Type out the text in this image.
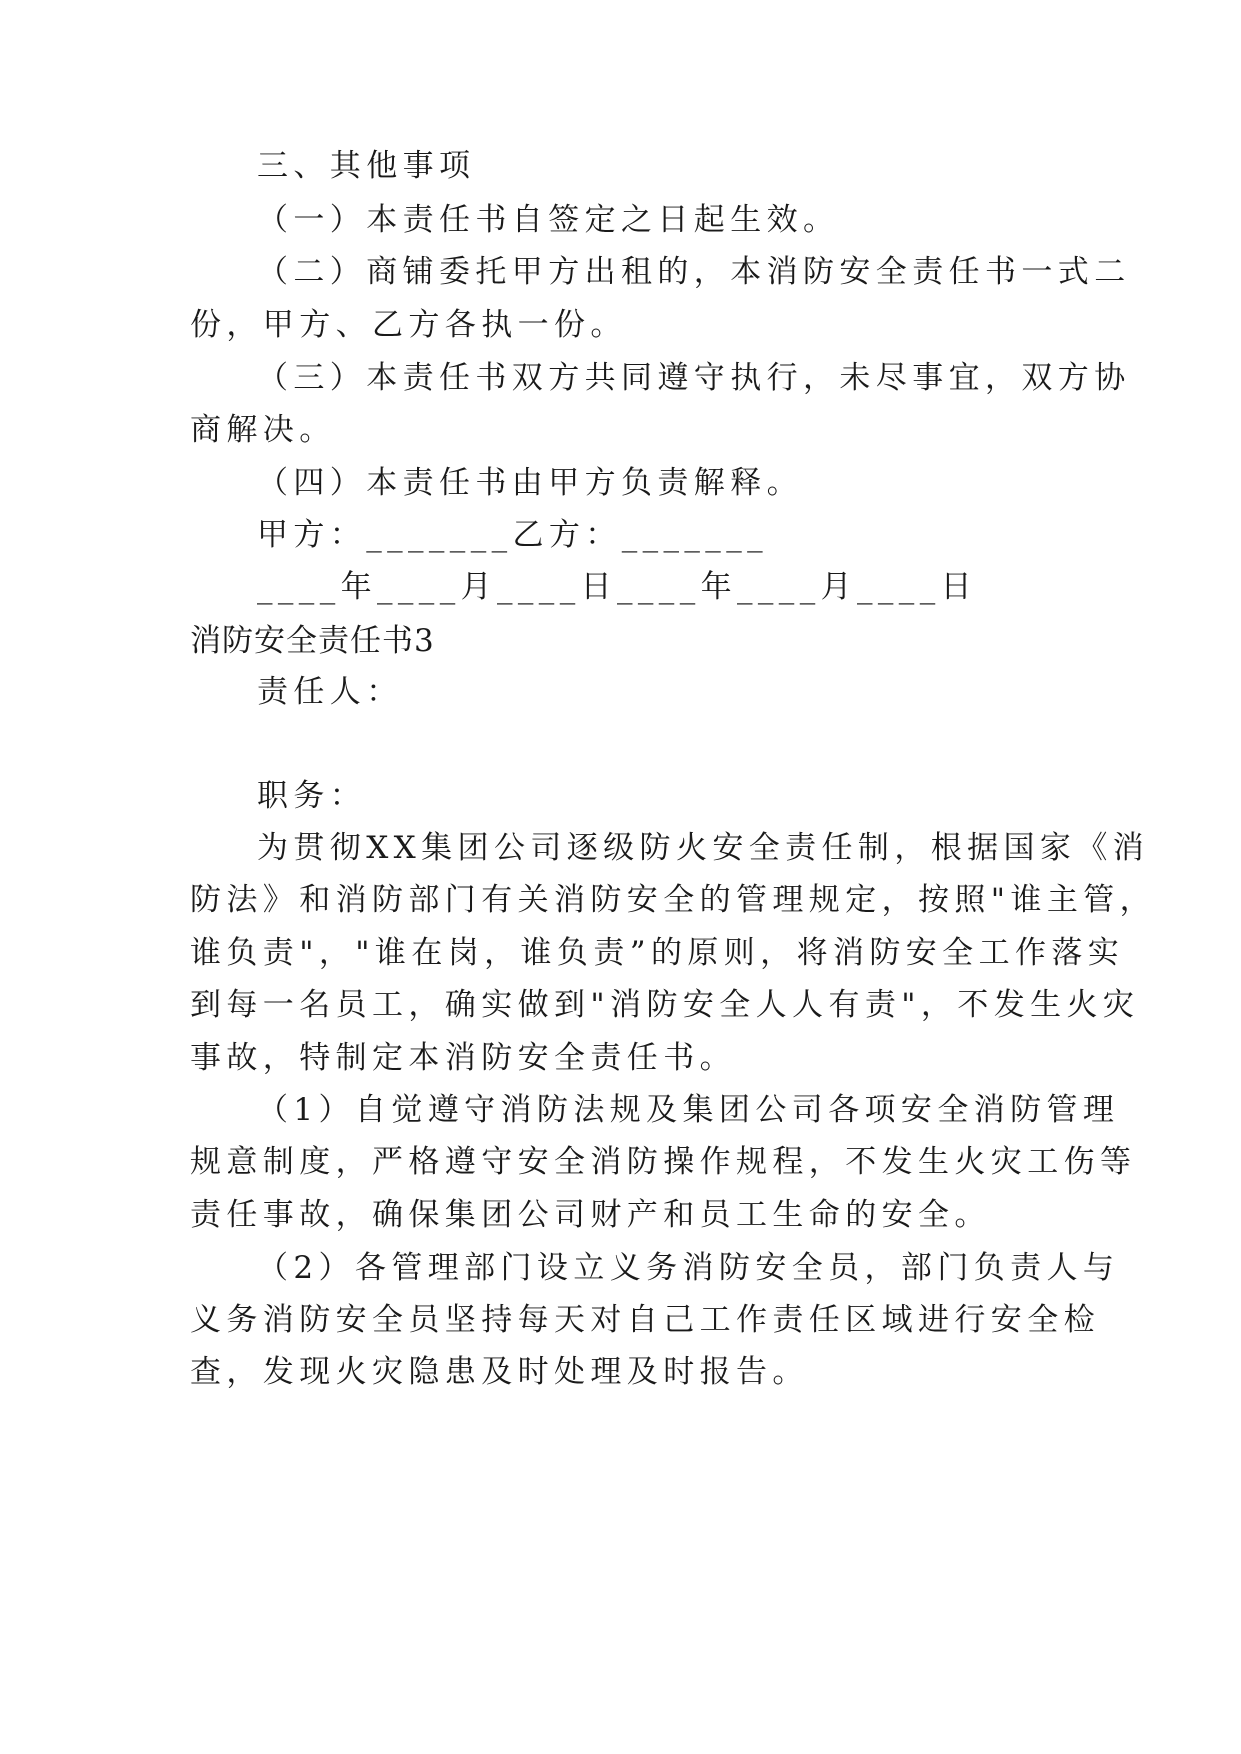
三、其他事项
（一）本责任书自签定之日起生效。
（二）商铺委托甲方出租的，本消防安全责任书一式二
份，甲方、乙方各执一份。
（三）本责任书双方共同遵守执行，未尽事宜，双方协
商解决。
（四）本责任书由甲方负责解释。
甲方：_______乙方：_______
____年____月____日____年____月____日
消防安全责任书3
责任人：
职务：
为贯彻XX集团公司逐级防火安全责任制，根据国家《消
防法》和消防部门有关消防安全的管理规定，按照"谁主管，
谁负责"，"谁在岗，谁负责”的原则，将消防安全工作落实
到每一名员工，确实做到"消防安全人人有责"，不发生火灾
事故，特制定本消防安全责任书。
（1）自觉遵守消防法规及集团公司各项安全消防管理
规意制度，严格遵守安全消防操作规程，不发生火灾工伤等
责任事故，确保集团公司财产和员工生命的安全。
（2）各管理部门设立义务消防安全员，部门负责人与
义务消防安全员坚持每天对自己工作责任区域进行安全检
查，发现火灾隐患及时处理及时报告。
